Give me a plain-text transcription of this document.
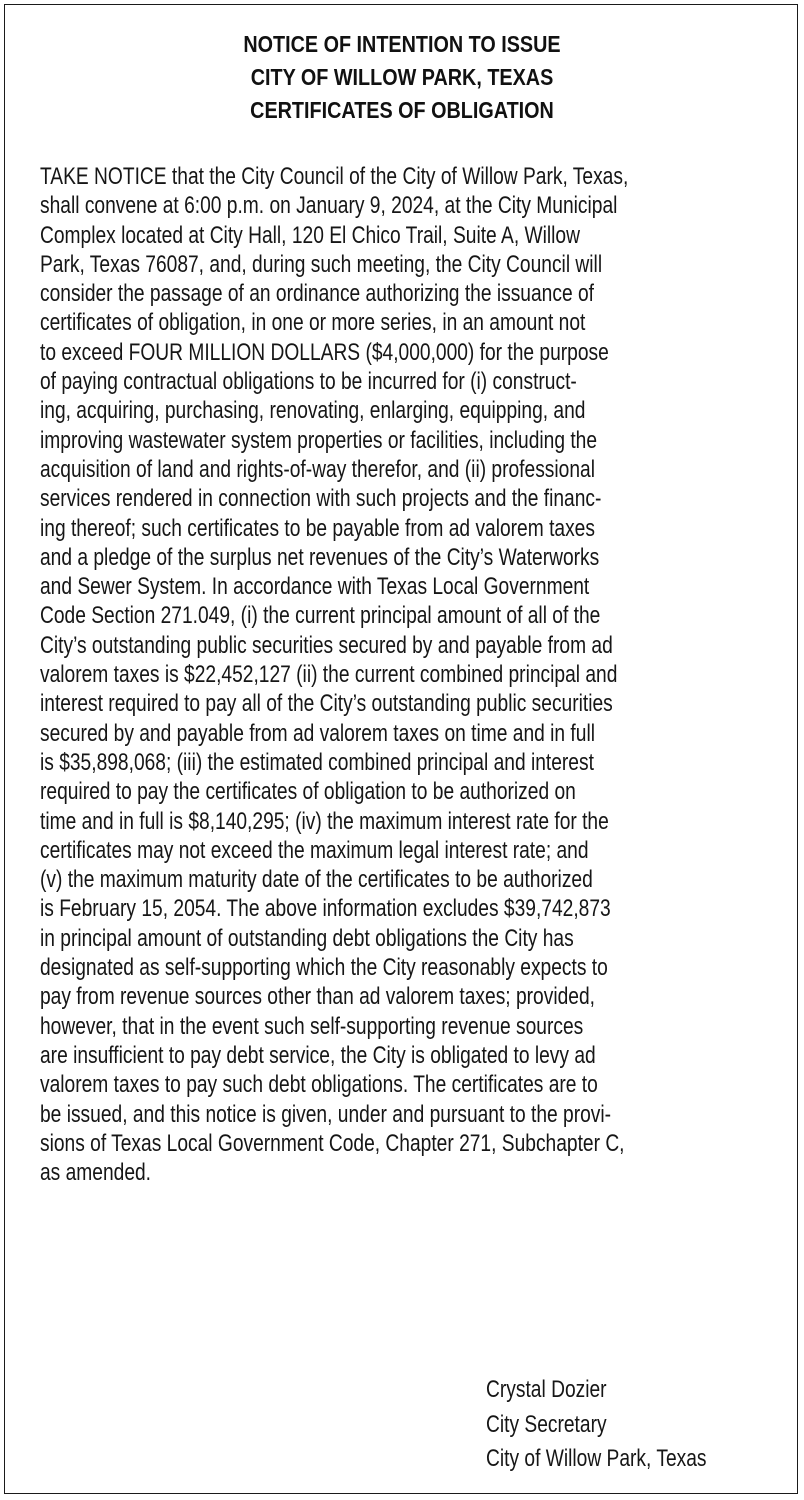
NOTICE OF INTENTION TO ISSUE
CITY OF WILLOW PARK, TEXAS
CERTIFICATES OF OBLIGATION
TAKE NOTICE that the City Council of the City of Willow Park, Texas,
shall convene at 6:00 p.m. on January 9, 2024, at the City Municipal
Complex located at City Hall, 120 El Chico Trail, Suite A, Willow
Park, Texas 76087, and, during such meeting, the City Council will
consider the passage of an ordinance authorizing the issuance of
certificates of obligation, in one or more series, in an amount not
to exceed FOUR MILLION DOLLARS ($4,000,000) for the purpose
of paying contractual obligations to be incurred for (i) construct-
ing, acquiring, purchasing, renovating, enlarging, equipping, and
improving wastewater system properties or facilities, including the
acquisition of land and rights-of-way therefor, and (ii) professional
services rendered in connection with such projects and the financ-
ing thereof; such certificates to be payable from ad valorem taxes
and a pledge of the surplus net revenues of the City’s Waterworks
and Sewer System. In accordance with Texas Local Government
Code Section 271.049, (i) the current principal amount of all of the
City’s outstanding public securities secured by and payable from ad
valorem taxes is $22,452,127 (ii) the current combined principal and
interest required to pay all of the City’s outstanding public securities
secured by and payable from ad valorem taxes on time and in full
is $35,898,068; (iii) the estimated combined principal and interest
required to pay the certificates of obligation to be authorized on
time and in full is $8,140,295; (iv) the maximum interest rate for the
certificates may not exceed the maximum legal interest rate; and
(v) the maximum maturity date of the certificates to be authorized
is February 15, 2054. The above information excludes $39,742,873
in principal amount of outstanding debt obligations the City has
designated as self-supporting which the City reasonably expects to
pay from revenue sources other than ad valorem taxes; provided,
however, that in the event such self-supporting revenue sources
are insufficient to pay debt service, the City is obligated to levy ad
valorem taxes to pay such debt obligations. The certificates are to
be issued, and this notice is given, under and pursuant to the provi-
sions of Texas Local Government Code, Chapter 271, Subchapter C,
as amended.
Crystal Dozier
City Secretary
City of Willow Park, Texas
